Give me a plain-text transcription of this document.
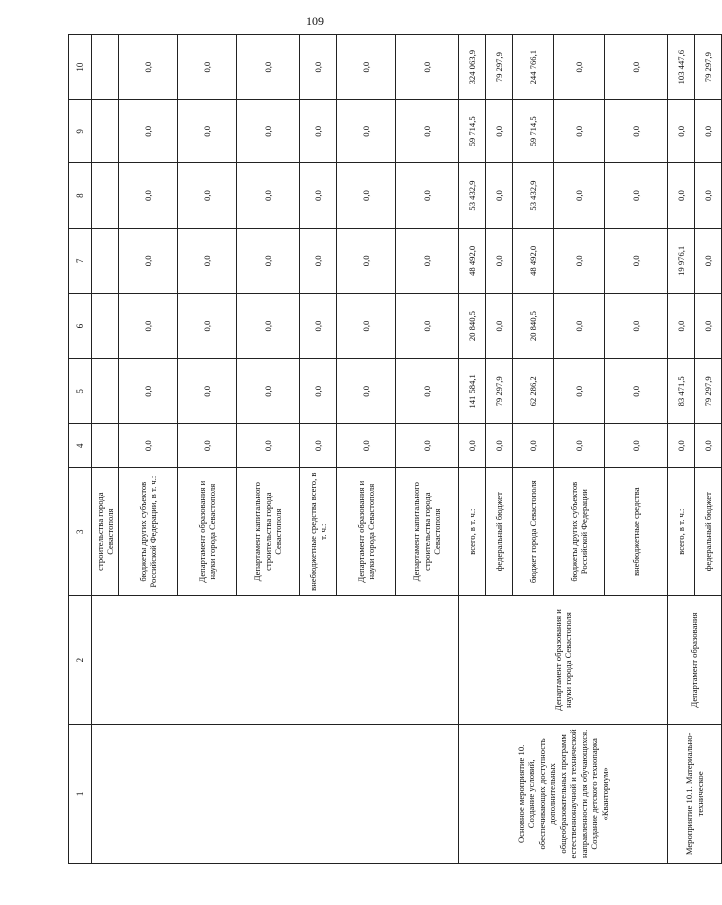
109
1	2	3	4	5	6	7	8	9	10
		строительства города Севастополя							
		бюджеты других субъектов Российской Федерации, в т. ч.:	0,0	0,0	0,0	0,0	0,0	0,0	0,0
		Департамент образования и науки города Севастополя	0,0	0,0	0,0	0,0	0,0	0,0	0,0
		Департамент капитального строительства города Севастополя	0,0	0,0	0,0	0,0	0,0	0,0	0,0
		внебюджетные средства всего, в т. ч.:	0,0	0,0	0,0	0,0	0,0	0,0	0,0
		Департамент образования и науки города Севастополя	0,0	0,0	0,0	0,0	0,0	0,0	0,0
		Департамент капитального строительства города Севастополя	0,0	0,0	0,0	0,0	0,0	0,0	0,0
Основное мероприятие 10. Создание условий, обеспечивающих доступность дополнительных общеобразовательных программ естественнонаучной и технической направленности для обучающихся. Создание детского технопарка «Кванториум»	Департамент образования и науки города Севастополя	всего, в т. ч.:	0,0	141 584,1	20 840,5	48 492,0	53 432,9	59 714,5	324 063,9
		федеральный бюджет	0,0	79 297,9	0,0	0,0	0,0	0,0	79 297,9
		бюджет города Севастополя	0,0	62 286,2	20 840,5	48 492,0	53 432,9	59 714,5	244 766,1
		бюджеты других субъектов Российской Федерации	0,0	0,0	0,0	0,0	0,0	0,0	0,0
		внебюджетные средства	0,0	0,0	0,0	0,0	0,0	0,0	0,0
Мероприятие 10.1. Материально-техническое	Департамент образования	всего, в т. ч.:	0,0	83 471,5	0,0	19 976,1	0,0	0,0	103 447,6
		федеральный бюджет	0,0	79 297,9	0,0	0,0	0,0	0,0	79 297,9
